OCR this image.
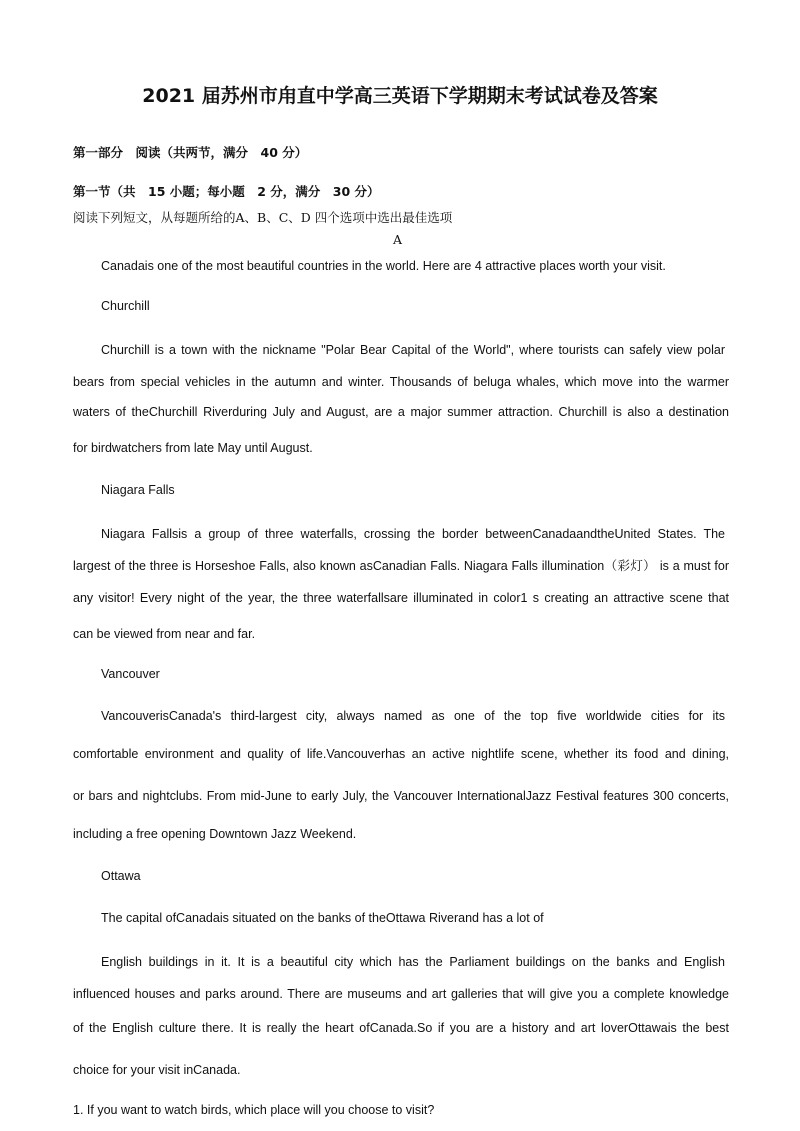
2021 届苏州市甪直中学高三英语下学期期末考试试卷及答案
第一部分　阅读（共两节，满分　40 分）
第一节（共　15 小题；每小题　2 分，满分　30 分）
阅读下列短文，从每题所给的A、B、C、D 四个选项中选出最佳选项
A
Canadais one of the most beautiful countries in the world. Here are 4 attractive places worth your visit.
Churchill
Churchill is a town with the nickname "Polar Bear Capital of the World", where tourists can safely view polar
bears from special vehicles in the autumn and winter. Thousands of beluga whales, which move into the warmer
waters of theChurchill Riverduring July and August, are a major summer attraction. Churchill is also a destination
for birdwatchers from late May until August.
Niagara Falls
Niagara Fallsis a group of three waterfalls, crossing the border betweenCanadaandtheUnited States. The
largest of the three is Horseshoe Falls, also known asCanadian Falls. Niagara Falls illumination（彩灯） is a must for
any visitor! Every night of the year, the three waterfallsare illuminated in color1 s creating an attractive scene that
can be viewed from near and far.
Vancouver
VancouverisCanada's third-largest city, always named as one of the top five worldwide cities for its
comfortable environment and quality of life.Vancouverhas an active nightlife scene, whether its food and dining,
or bars and nightclubs. From mid-June to early July, the Vancouver InternationalJazz Festival features 300 concerts,
including a free opening Downtown Jazz Weekend.
Ottawa
The capital ofCanadais situated on the banks of theOttawa Riverand has a lot of
English buildings in it. It is a beautiful city which has the Parliament buildings on the banks and English
influenced houses and parks around. There are museums and art galleries that will give you a complete knowledge
of the English culture there. It is really the heart ofCanada.So if you are a history and art loverOttawais the best
choice for your visit inCanada.
1. If you want to watch birds, which place will you choose to visit?
